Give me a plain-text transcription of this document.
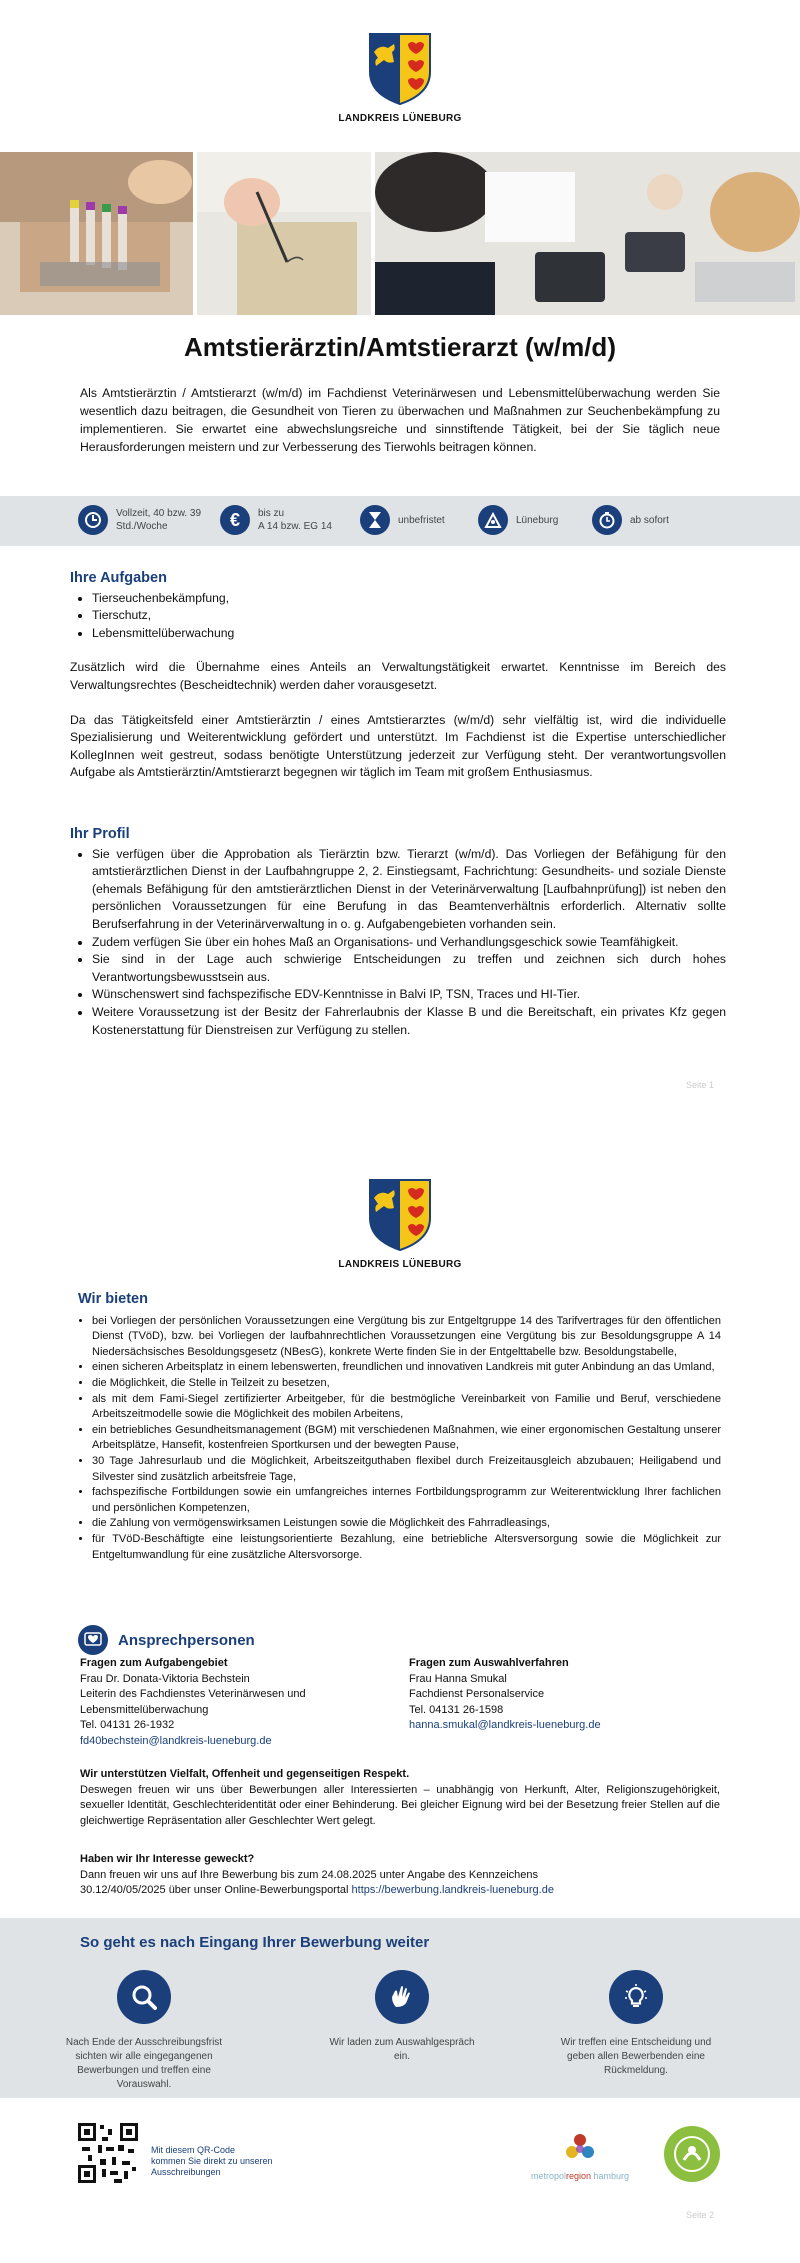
LANDKREIS LÜNEBURG
Amtstierärztin/Amtstierarzt (w/m/d)
Als Amtstierärztin / Amtstierarzt (w/m/d) im Fachdienst Veterinärwesen und Lebensmittelüberwachung werden Sie wesentlich dazu beitragen, die Gesundheit von Tieren zu überwachen und Maßnahmen zur Seuchenbekämpfung zu implementieren. Sie erwartet eine abwechslungsreiche und sinnstiftende Tätigkeit, bei der Sie täglich neue Herausforderungen meistern und zur Verbesserung des Tierwohls beitragen können.
Vollzeit, 40 bzw. 39
Std./Woche	€ bis zu
A 14 bzw. EG 14
unbefristet	Lüneburg	ab sofort
Ihre Aufgaben
• Tierseuchenbekämpfung,
• Tierschutz,
• Lebensmittelüberwachung

Zusätzlich wird die Übernahme eines Anteils an Verwaltungstätigkeit erwartet. Kenntnisse im Bereich des Verwaltungsrechtes (Bescheidtechnik) werden daher vorausgesetzt.

Da das Tätigkeitsfeld einer Amtstierärztin / eines Amtstierarztes (w/m/d) sehr vielfältig ist, wird die individuelle Spezialisierung und Weiterentwicklung gefördert und unterstützt. Im Fachdienst ist die Expertise unterschiedlicher KollegInnen weit gestreut, sodass benötigte Unterstützung jederzeit zur Verfügung steht. Der verantwortungsvollen Aufgabe als Amtstierärztin/Amtstierarzt begegnen wir täglich im Team mit großem Enthusiasmus.

Ihr Profil
• Sie verfügen über die Approbation als Tierärztin bzw. Tierarzt (w/m/d). Das Vorliegen der Befähigung für den amtstierärztlichen Dienst in der Laufbahngruppe 2, 2. Einstiegsamt, Fachrichtung: Gesundheits- und soziale Dienste (ehemals Befähigung für den amtstierärztlichen Dienst in der Veterinärverwaltung [Laufbahnprüfung]) ist neben den persönlichen Voraussetzungen für eine Berufung in das Beamtenverhältnis erforderlich. Alternativ sollte Berufserfahrung in der Veterinärverwaltung in o. g. Aufgabengebieten vorhanden sein.
• Zudem verfügen Sie über ein hohes Maß an Organisations- und Verhandlungsgeschick sowie Teamfähigkeit.
• Sie sind in der Lage auch schwierige Entscheidungen zu treffen und zeichnen sich durch hohes Verantwortungsbewusstsein aus.
• Wünschenswert sind fachspezifische EDV-Kenntnisse in Balvi IP, TSN, Traces und HI-Tier.
• Weitere Voraussetzung ist der Besitz der Fahrerlaubnis der Klasse B und die Bereitschaft, ein privates Kfz gegen Kostenerstattung für Dienstreisen zur Verfügung zu stellen.
Seite 1
LANDKREIS LÜNEBURG
Wir bieten
• bei Vorliegen der persönlichen Voraussetzungen eine Vergütung bis zur Entgeltgruppe 14 des Tarifvertrages für den öffentlichen Dienst (TVöD), bzw. bei Vorliegen der laufbahnrechtlichen Voraussetzungen eine Vergütung bis zur Besoldungsgruppe A 14 Niedersächsisches Besoldungsgesetz (NBesG), konkrete Werte finden Sie in der Entgelttabelle bzw. Besoldungstabelle,
• einen sicheren Arbeitsplatz in einem lebenswerten, freundlichen und innovativen Landkreis mit guter Anbindung an das Umland,
• die Möglichkeit, die Stelle in Teilzeit zu besetzen,
• als mit dem Fami-Siegel zertifizierter Arbeitgeber, für die bestmögliche Vereinbarkeit von Familie und Beruf, verschiedene Arbeitszeitmodelle sowie die Möglichkeit des mobilen Arbeitens,
• ein betriebliches Gesundheitsmanagement (BGM) mit verschiedenen Maßnahmen, wie einer ergonomischen Gestaltung unserer Arbeitsplätze, Hansefit, kostenfreien Sportkursen und der bewegten Pause,
• 30 Tage Jahresurlaub und die Möglichkeit, Arbeitszeitguthaben flexibel durch Freizeitausgleich abzubauen; Heiligabend und Silvester sind zusätzlich arbeitsfreie Tage,
• fachspezifische Fortbildungen sowie ein umfangreiches internes Fortbildungsprogramm zur Weiterentwicklung Ihrer fachlichen und persönlichen Kompetenzen,
• die Zahlung von vermögenswirksamen Leistungen sowie die Möglichkeit des Fahrradleasings,
• für TVöD-Beschäftigte eine leistungsorientierte Bezahlung, eine betriebliche Altersversorgung sowie die Möglichkeit zur Entgeltumwandlung für eine zusätzliche Altersvorsorge.
Ansprechpersonen
Fragen zum Aufgabengebiet
Frau Dr. Donata-Viktoria Bechstein
Leiterin des Fachdienstes Veterinärwesen und
Lebensmittelüberwachung
Tel. 04131 26-1932
fd40bechstein@landkreis-lueneburg.de
Fragen zum Auswahlverfahren
Frau Hanna Smukal
Fachdienst Personalservice
Tel. 04131 26-1598
hanna.smukal@landkreis-lueneburg.de
Wir unterstützen Vielfalt, Offenheit und gegenseitigen Respekt.

Deswegen freuen wir uns über Bewerbungen aller Interessierten – unabhängig von Herkunft, Alter, Religionszugehörigkeit, sexueller Identität, Geschlechteridentität oder einer Behinderung. Bei gleicher Eignung wird bei der Besetzung freier Stellen auf die gleichwertige Repräsentation aller Geschlechter Wert gelegt.

Haben wir Ihr Interesse geweckt?
Dann freuen wir uns auf Ihre Bewerbung bis zum 24.08.2025 unter Angabe des Kennzeichens
30.12/40/05/2025 über unser Online-Bewerbungsportal https://bewerbung.landkreis-lueneburg.de
So geht es nach Eingang Ihrer Bewerbung weiter
Nach Ende der Ausschreibungsfrist sichten wir alle eingegangenen Bewerbungen und treffen eine Vorauswahl.
Wir laden zum Auswahlgespräch ein.
Wir treffen eine Entscheidung und geben allen Bewerbenden eine Rückmeldung.
Mit diesem QR-Code
kommen Sie direkt zu unseren
Ausschreibungen	metropolregion hamburg
Seite 2
